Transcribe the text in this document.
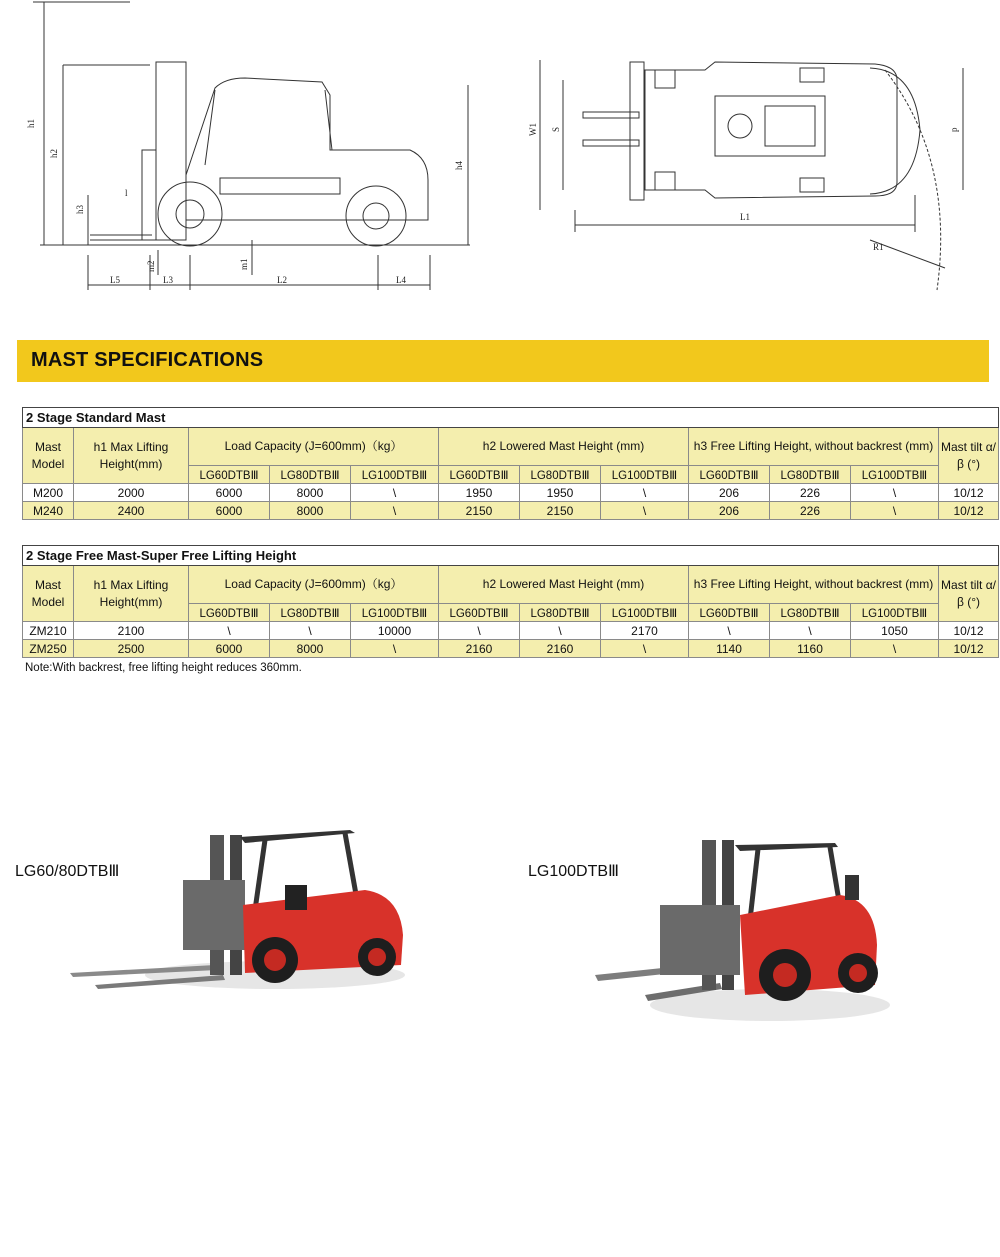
h1
h2
h3
h4
l
m1
m2
L2
L3	L4
L5
W1 S	p
L1
R1
MAST SPECIFICATIONS
2 Stage Standard Mast											
Mast Model	h1 Max Lifting Height(mm)	Load Capacity (J=600mm)（kg）			h2 Lowered Mast Height (mm)			h3 Free Lifting Height, without backrest (mm)			Mast tilt α/β (°)
		LG60DTBⅢ	LG80DTBⅢ	LG100DTBⅢ	LG60DTBⅢ	LG80DTBⅢ	LG100DTBⅢ	LG60DTBⅢ	LG80DTBⅢ	LG100DTBⅢ	
M200	2000	6000	8000	\	1950	1950	\	206	226	\	10/12
M240	2400	6000	8000	\	2150	2150	\	206	226	\	10/12
2 Stage Free Mast-Super Free Lifting Height											
Mast Model	h1 Max Lifting Height(mm)	Load Capacity (J=600mm)（kg）			h2 Lowered Mast Height (mm)			h3 Free Lifting Height, without backrest (mm)			Mast tilt α/β (°)
		LG60DTBⅢ	LG80DTBⅢ	LG100DTBⅢ	LG60DTBⅢ	LG80DTBⅢ	LG100DTBⅢ	LG60DTBⅢ	LG80DTBⅢ	LG100DTBⅢ	
ZM210	2100	\	\	10000	\	\	2170	\	\	1050	10/12
ZM250	2500	6000	8000	\	2160	2160	\	1140	1160	\	10/12
Note:With backrest, free lifting height reduces 360mm.
LG60/80DTBⅢ	LG100DTBⅢ
